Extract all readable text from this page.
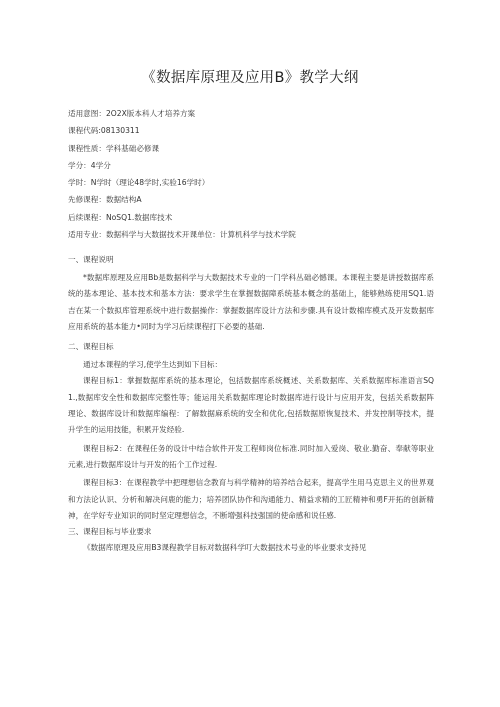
《数据库原理及应用B》教学大纲
适用意图：2O2X版本科人才培养方案
课程代码:08130311
课程性质：学科基础必修课
学分：4学分
学时：N学时（理论48学时,实验16学时）
先修课程：数据结构A
后续课程：NoSQ1.数据库技术
适用专业：数据科学与大数据技术开课单位：计算机科学与技术学院
一、课程说明
*数据库原理及应用Bb是数据科学与大数据技术专业的一门学科丛础必憾课。本课程主要是讲授数据库系统的基本理论、基本技术和基本方法：要求学生在掌握数据障系统基本概念的基础上，能够熟练使用SQ1.语吉在某一个数拟库管理系统中进行数据操作：掌握数据库设计方法和步骤.具有设计数棉库模式及开发数据库应用系统的基本能力•同时为学习后续课程打下必要的基础.
二、课程目标
通过本课程的学习,使学生达到如下目标：
课程目标1：掌握数据库系统的基本理论，包括数据库系统概述、关系数据库、关系数据库标准语言SQ1.,数据库安全性和数据库完整性等；能运用关系数据库理论时数据库进行设计与应用开发，包括关系数据阵理论、数据库设计和数据库编程：了解数据麻系统的安全和优化,包括数据原恢复技术、并发控制等技术，提升学生的运用技能，积累开发经验.
课程目标2：在课程任务的设计中结合软件开发工程师岗位标准.同时加入爱岗、敬业.勤奋、奉献等职业元素,进行数据库设计与开发的拓个工作过程.
课程目标3：在课程教学中把理想信念教育与科学精神的培养结合起来，提高学生用马克思主义的世界观和方法论认识、分析和解决问鹿的能力；培养团队协作和沟通能力、精益求精的工匠精神和勇F开拓的创新精神，在学好专业知识的同时坚定理想信念，不断增强科技强国的使命感和说任感.
三、课程目标与毕业要求
《数据库原理及应用B3课程教学目标对数据科学叮大数据技术号业的毕业要求支持见
